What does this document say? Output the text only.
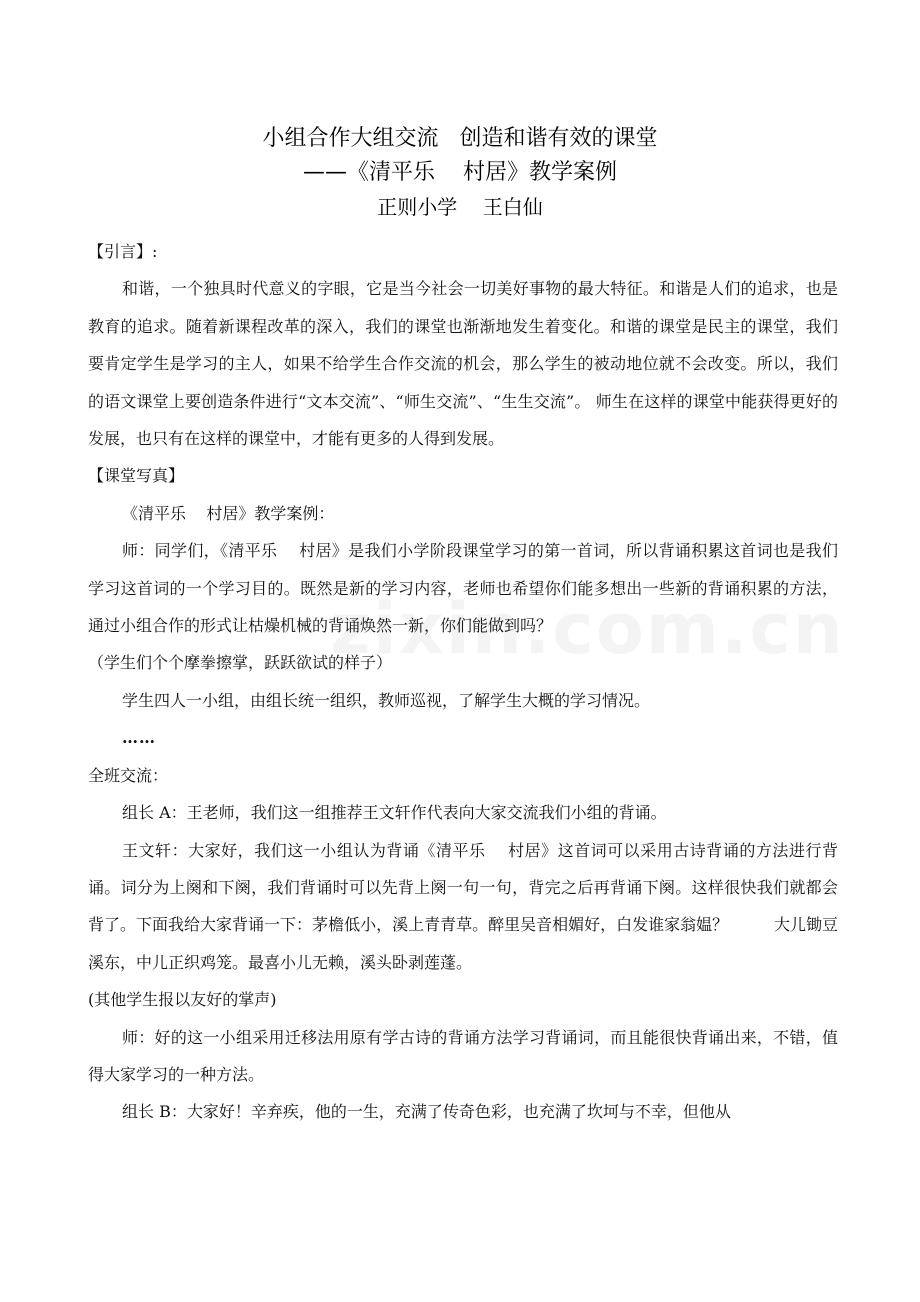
小组合作大组交流   创造和谐有效的课堂
——《清平乐    村居》教学案例
正则小学    王白仙

【引言】:

和谐，一个独具时代意义的字眼，它是当今社会一切美好事物的最大特征。和谐是人们的追求，也是教育的追求。随着新课程改革的深入，我们的课堂也渐渐地发生着变化。和谐的课堂是民主的课堂，我们要肯定学生是学习的主人，如果不给学生合作交流的机会，那么学生的被动地位就不会改变。所以，我们的语文课堂上要创造条件进行“文本交流”、“师生交流”、“生生交流”。 师生在这样的课堂中能获得更好的发展，也只有在这样的课堂中，才能有更多的人得到发展。

【课堂写真】

《清平乐    村居》教学案例：

师：同学们，《清平乐    村居》是我们小学阶段课堂学习的第一首词，所以背诵积累这首词也是我们学习这首词的一个学习目的。既然是新的学习内容，老师也希望你们能多想出一些新的背诵积累的方法，通过小组合作的形式让枯燥机械的背诵焕然一新，你们能做到吗？

（学生们个个摩拳擦掌，跃跃欲试的样子）

学生四人一小组，由组长统一组织，教师巡视，了解学生大概的学习情况。

……

全班交流：

组长 A：王老师，我们这一组推荐王文轩作代表向大家交流我们小组的背诵。

王文轩：大家好，我们这一小组认为背诵《清平乐    村居》这首词可以采用古诗背诵的方法进行背诵。词分为上阕和下阕，我们背诵时可以先背上阕一句一句，背完之后再背诵下阕。这样很快我们就都会背了。下面我给大家背诵一下：茅檐低小，溪上青青草。醉里吴音相媚好，白发谁家翁媪？         大儿锄豆溪东，中儿正织鸡笼。最喜小儿无赖，溪头卧剥莲蓬。

(其他学生报以友好的掌声)

师：好的这一小组采用迁移法用原有学古诗的背诵方法学习背诵词，而且能很快背诵出来，不错，值得大家学习的一种方法。

组长 B：大家好！辛弃疾，他的一生，充满了传奇色彩，也充满了坎坷与不幸，但他从
